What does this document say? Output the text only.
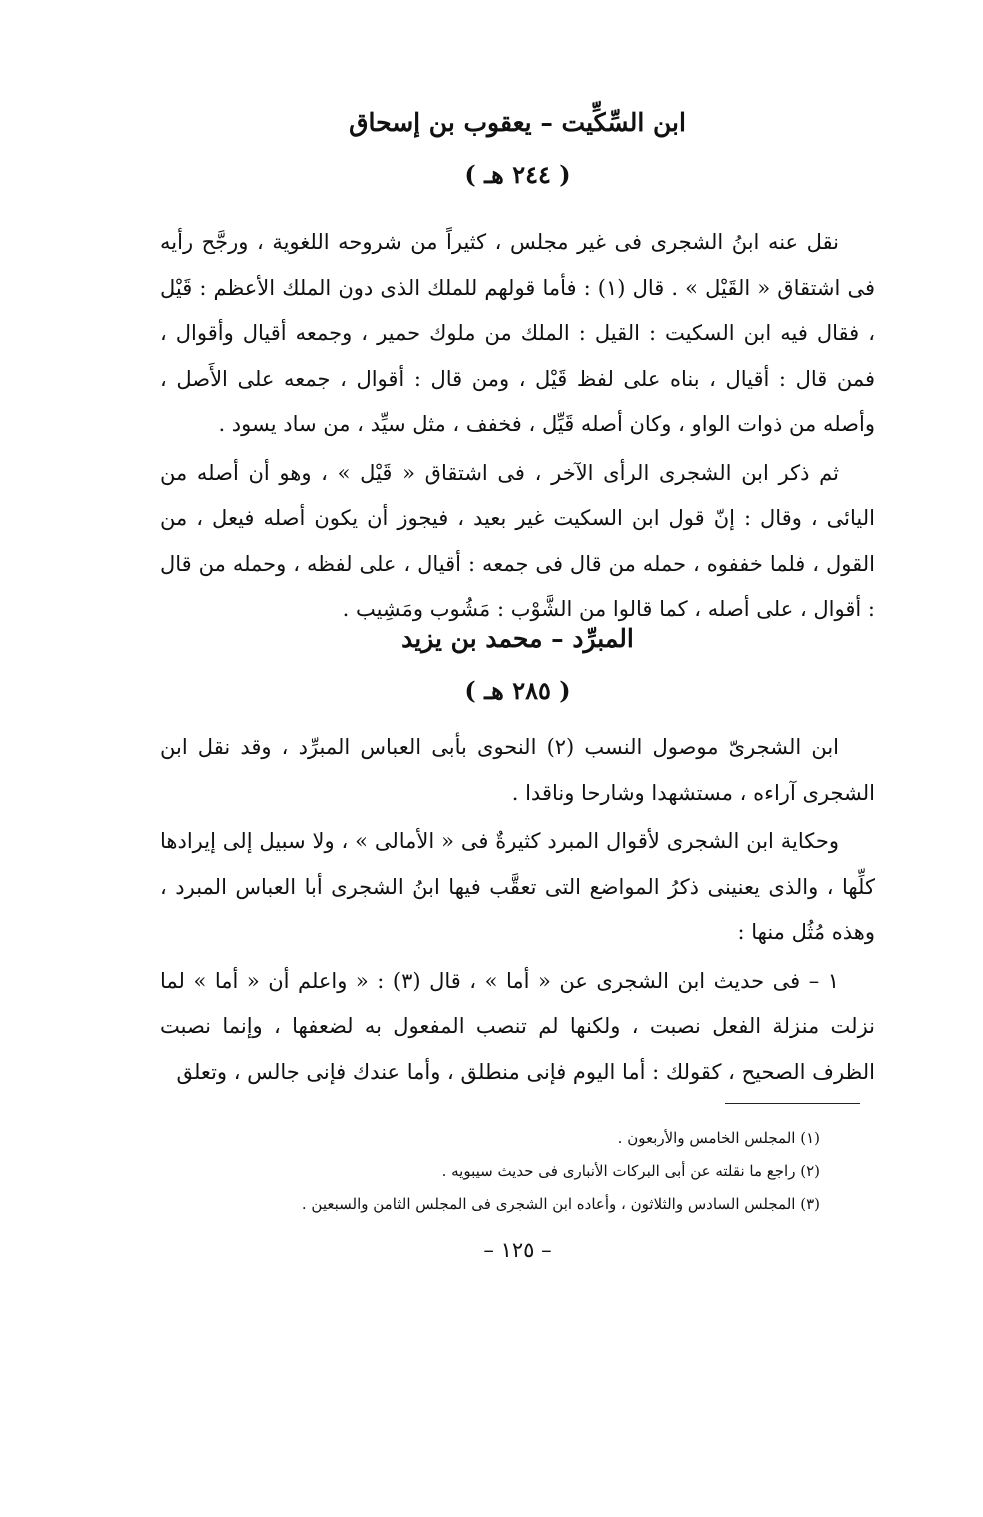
ابن السِّكِّيت – يعقوب بن إسحاق
( ٢٤٤ هـ )

نقل عنه ابنُ الشجرى فى غير مجلس ، كثيراً من شروحه اللغوية ، ورجَّح رأيه فى اشتقاق « القَيْل » . قال (١) : فأما قولهم للملك الذى دون الملك الأعظم : قَيْل ، فقال فيه ابن السكيت : القيل : الملك من ملوك حمير ، وجمعه أقيال وأقوال ، فمن قال : أقيال ، بناه على لفظ قَيْل ، ومن قال : أقوال ، جمعه على الأَصل ، وأصله من ذوات الواو ، وكان أصله قَيِّل ، فخفف ، مثل سيِّد ، من ساد يسود .

ثم ذكر ابن الشجرى الرأى الآخر ، فى اشتقاق « قَيْل » ، وهو أن أصله من اليائى ، وقال : إنّ قول ابن السكيت غير بعيد ، فيجوز أن يكون أصله فيعل ، من القول ، فلما خففوه ، حمله من قال فى جمعه : أقيال ، على لفظه ، وحمله من قال : أقوال ، على أصله ، كما قالوا من الشَّوْب : مَشُوب ومَشِيب .

المبرِّد – محمد بن يزيد
( ٢٨٥ هـ )

ابن الشجرىّ موصول النسب (٢) النحوى بأبى العباس المبرِّد ، وقد نقل ابن الشجرى آراءه ، مستشهدا وشارحا وناقدا .

وحكاية ابن الشجرى لأقوال المبرد كثيرةٌ فى « الأمالى » ، ولا سبيل إلى إيرادها كلِّها ، والذى يعنينى ذكرُ المواضع التى تعقَّب فيها ابنُ الشجرى أبا العباس المبرد ، وهذه مُثُل منها :

١ – فى حديث ابن الشجرى عن « أما » ، قال (٣) : « واعلم أن « أما » لما نزلت منزلة الفعل نصبت ، ولكنها لم تنصب المفعول به لضعفها ، وإنما نصبت الظرف الصحيح ، كقولك : أما اليوم فإنى منطلق ، وأما عندك فإنى جالس ، وتعلق

(١) المجلس الخامس والأربعون .

(٢) راجع ما نقلته عن أبى البركات الأنبارى فى حديث سيبويه .

(٣) المجلس السادس والثلاثون ، وأعاده ابن الشجرى فى المجلس الثامن والسبعين .

– ١٢٥ –
